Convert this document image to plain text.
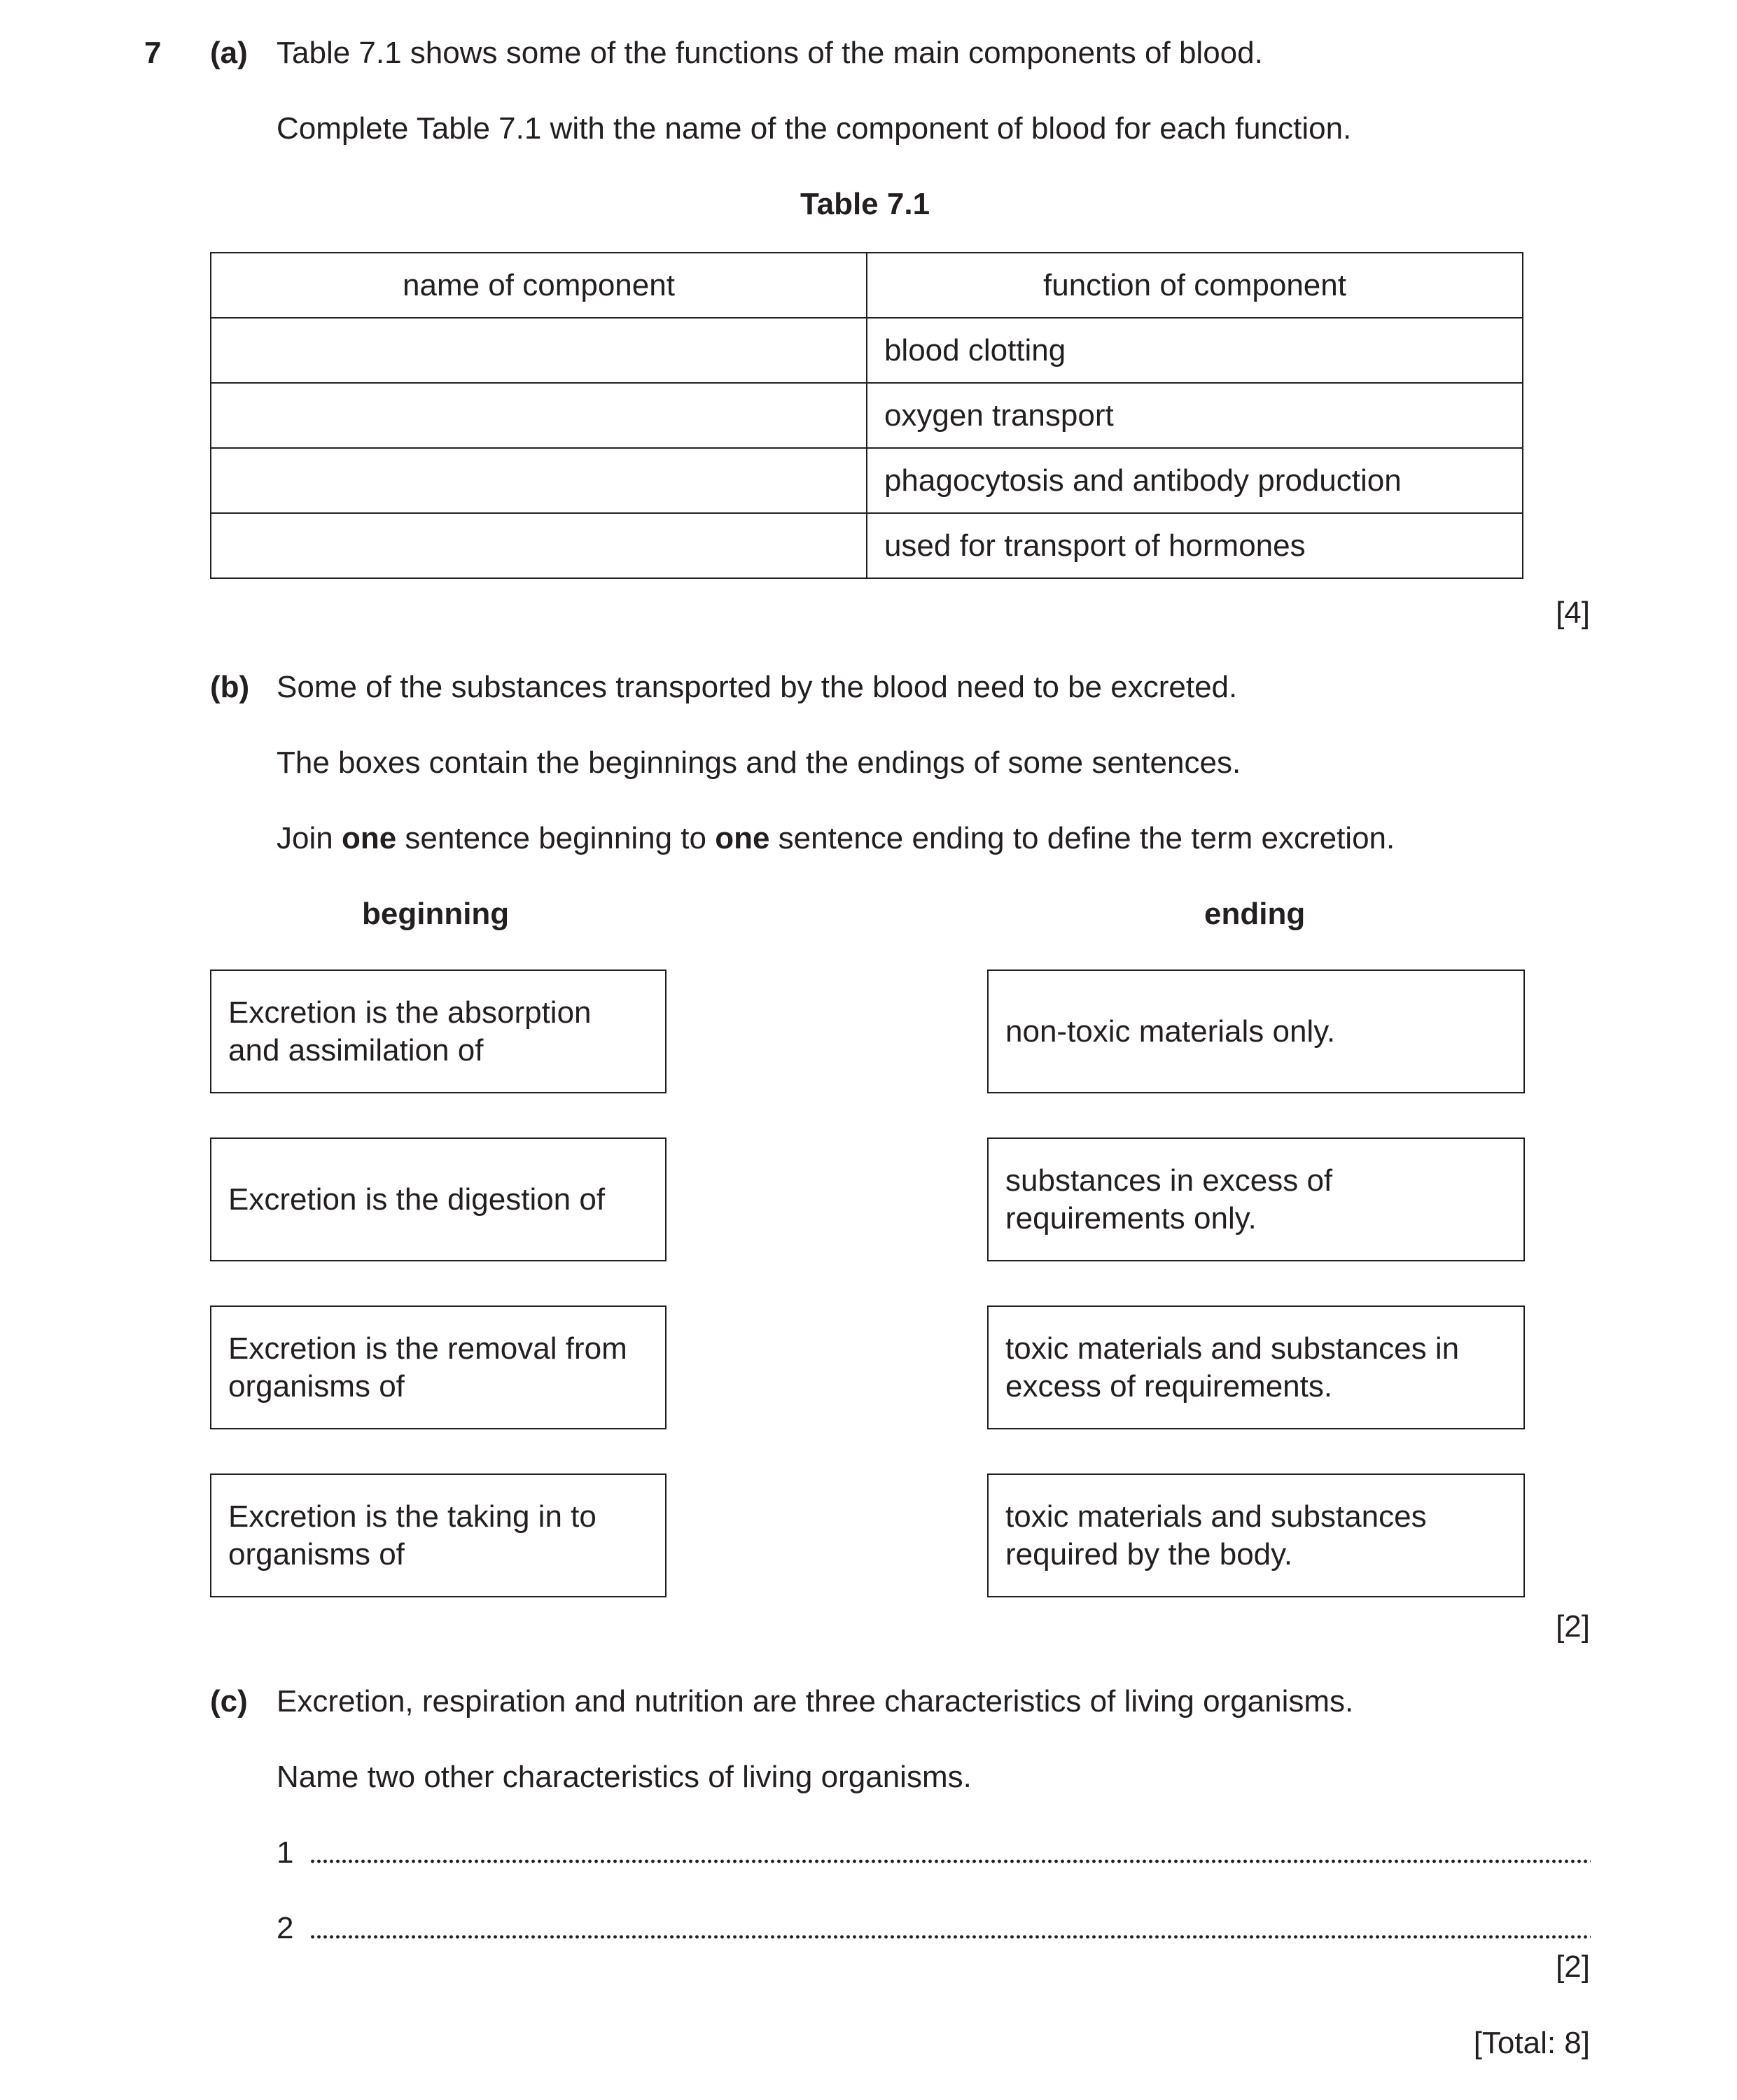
7 (a) Table 7.1 shows some of the functions of the main components of blood.
Complete Table 7.1 with the name of the component of blood for each function.
Table 7.1
name of component	function of component
	blood clotting
	oxygen transport
	phagocytosis and antibody production
	used for transport of hormones
[4]
(b) Some of the substances transported by the blood need to be excreted.
The boxes contain the beginnings and the endings of some sentences.
Join one sentence beginning to one sentence ending to define the term excretion.
beginning	ending
Excretion is the absorption
and assimilation of
Excretion is the digestion of
Excretion is the removal from
organisms of
Excretion is the taking in to
organisms of
non-toxic materials only.
substances in excess of
requirements only.
toxic materials and substances in
excess of requirements.
toxic materials and substances
required by the body.
[2]
(c) Excretion, respiration and nutrition are three characteristics of living organisms.
Name two other characteristics of living organisms.
1
2
[2]
[Total: 8]
